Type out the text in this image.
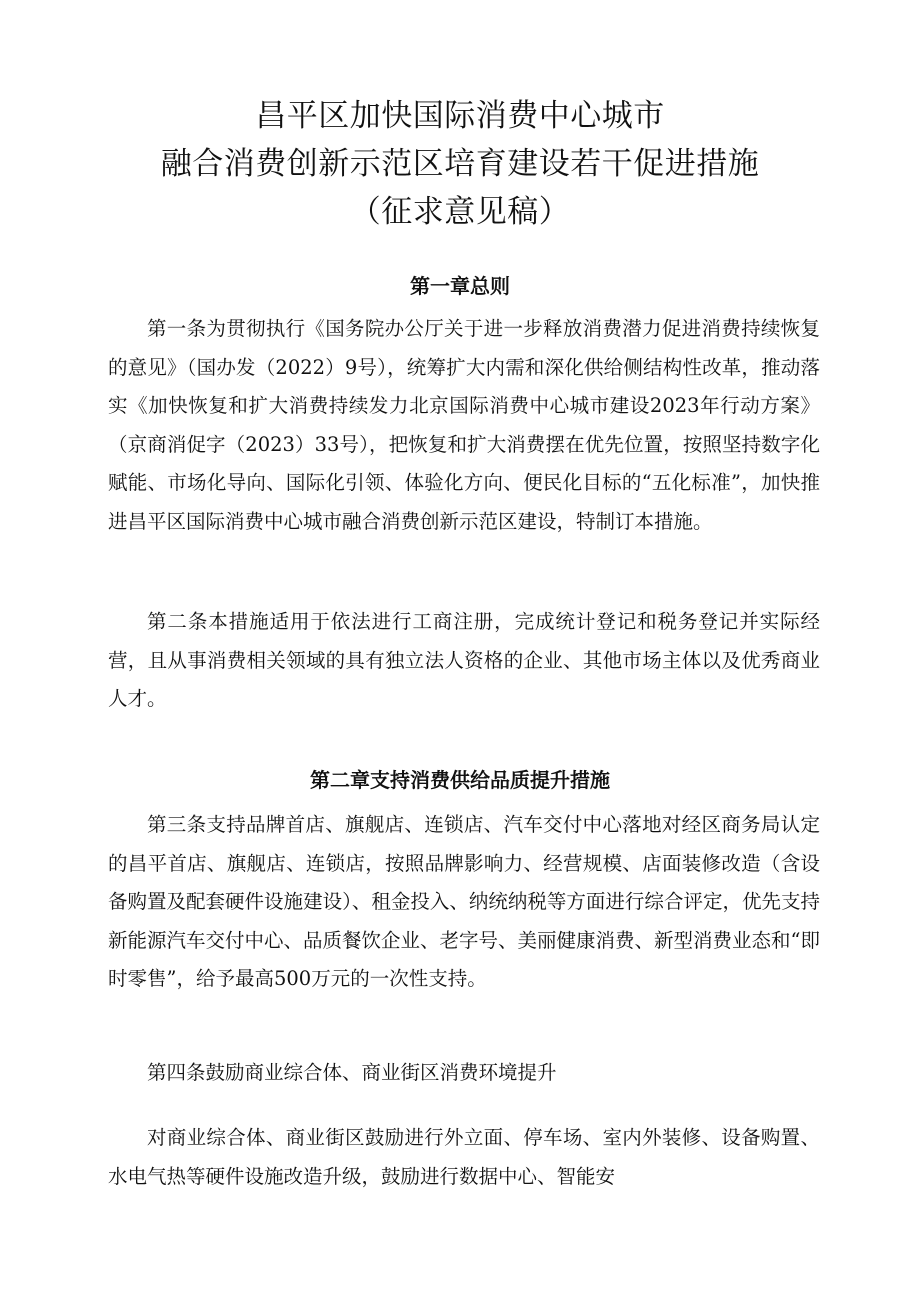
昌平区加快国际消费中心城市
融合消费创新示范区培育建设若干促进措施
（征求意见稿）
第一章总则

第一条为贯彻执行《国务院办公厅关于进一步释放消费潜力促进消费持续恢复的意见》（国办发（2022）9号），统筹扩大内需和深化供给侧结构性改革，推动落实《加快恢复和扩大消费持续发力北京国际消费中心城市建设2023年行动方案》（京商消促字（2023）33号），把恢复和扩大消费摆在优先位置，按照坚持数字化赋能、市场化导向、国际化引领、体验化方向、便民化目标的“五化标准”，加快推进昌平区国际消费中心城市融合消费创新示范区建设，特制订本措施。

第二条本措施适用于依法进行工商注册，完成统计登记和税务登记并实际经营，且从事消费相关领域的具有独立法人资格的企业、其他市场主体以及优秀商业人才。

第二章支持消费供给品质提升措施

第三条支持品牌首店、旗舰店、连锁店、汽车交付中心落地对经区商务局认定的昌平首店、旗舰店、连锁店，按照品牌影响力、经营规模、店面装修改造（含设备购置及配套硬件设施建设）、租金投入、纳统纳税等方面进行综合评定，优先支持新能源汽车交付中心、品质餐饮企业、老字号、美丽健康消费、新型消费业态和“即时零售”，给予最高500万元的一次性支持。

第四条鼓励商业综合体、商业街区消费环境提升

对商业综合体、商业街区鼓励进行外立面、停车场、室内外装修、设备购置、水电气热等硬件设施改造升级，鼓励进行数据中心、智能安
